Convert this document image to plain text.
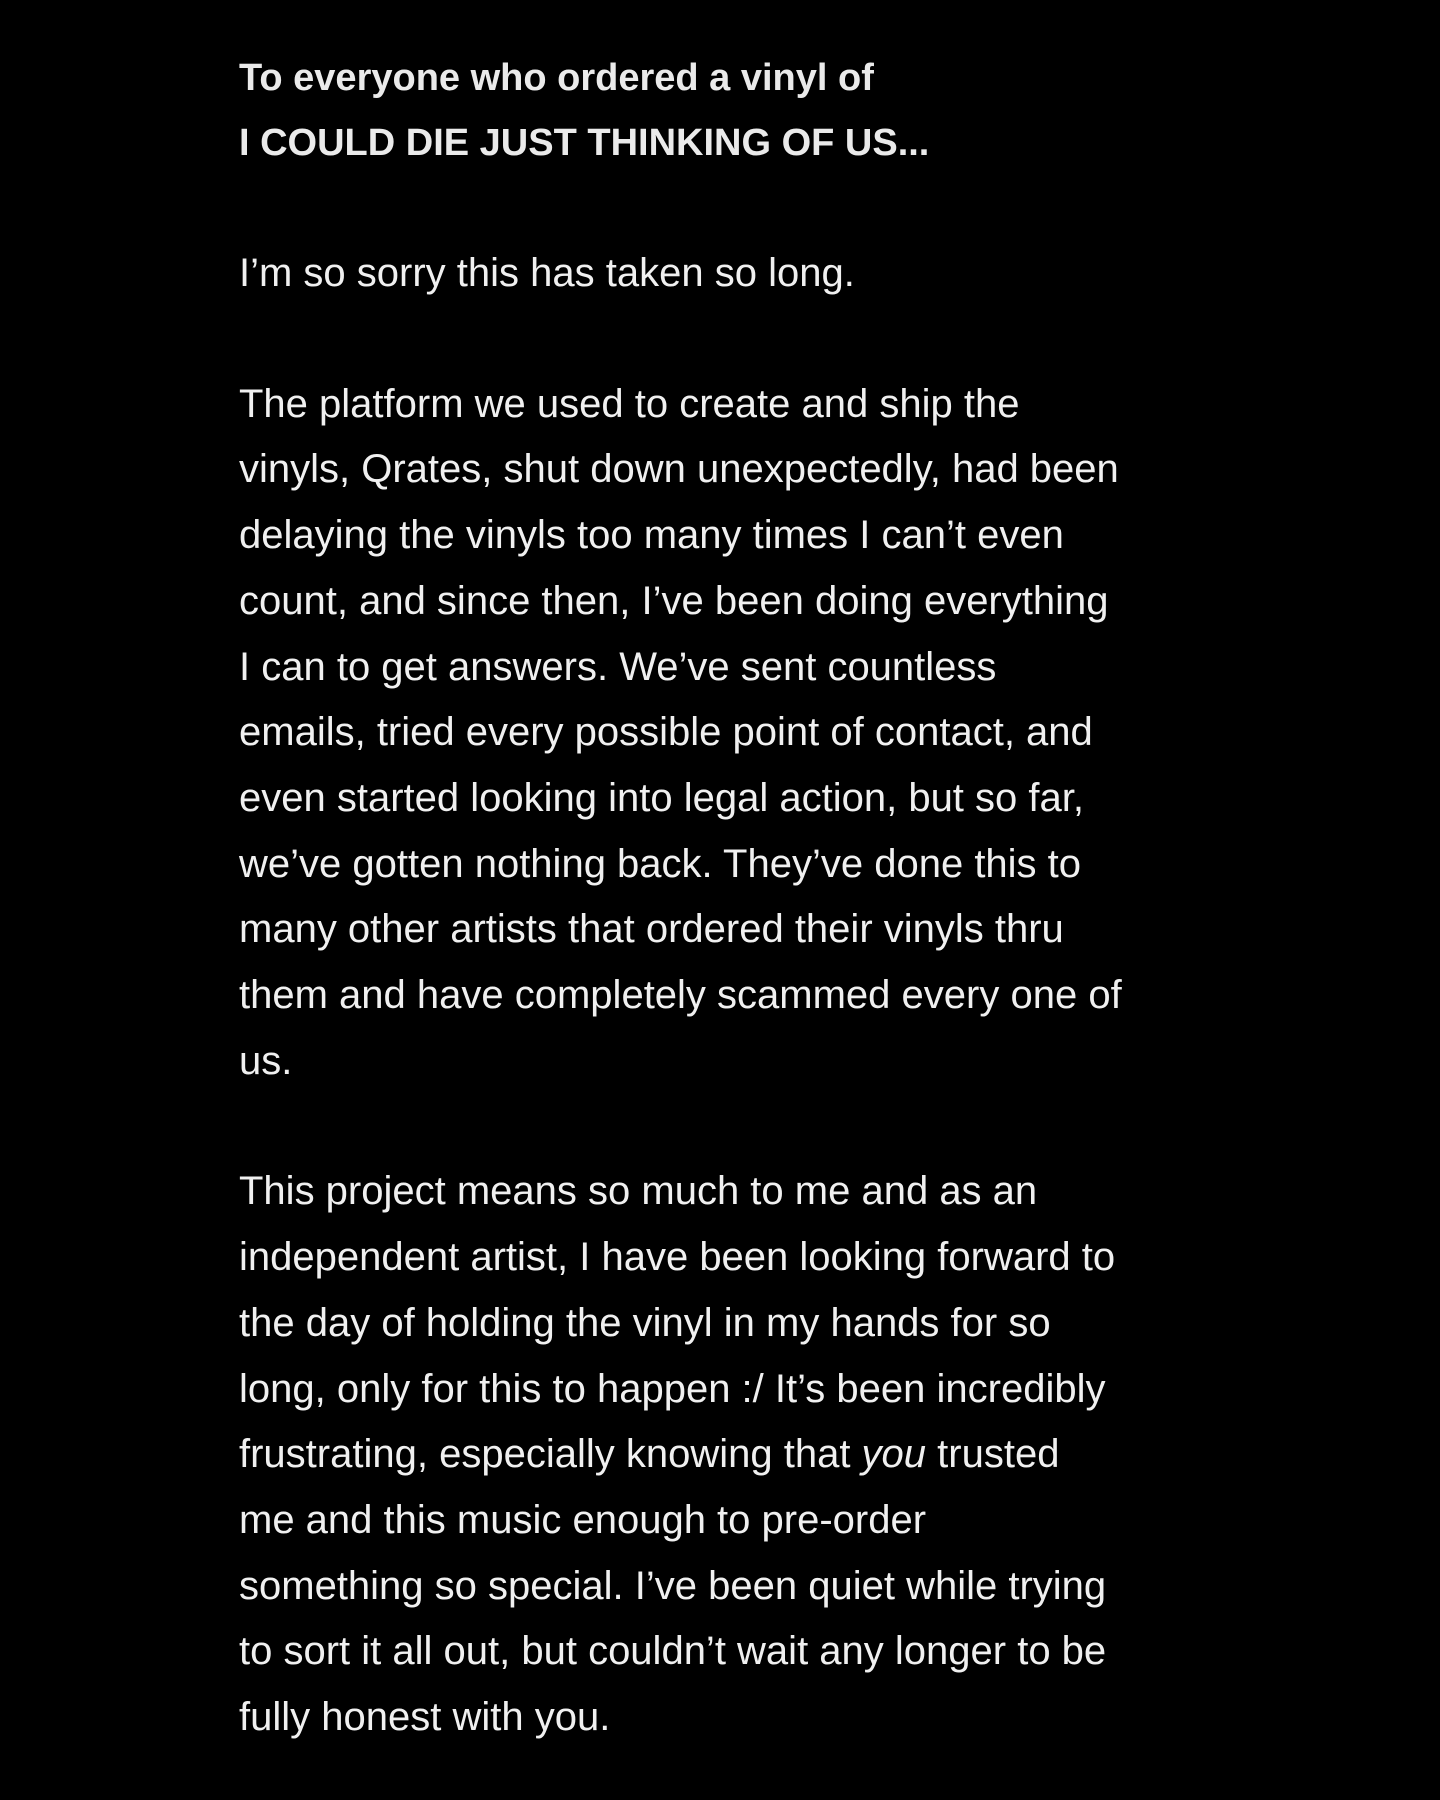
To everyone who ordered a vinyl of
I COULD DIE JUST THINKING OF US...

I’m so sorry this has taken so long.

The platform we used to create and ship the
vinyls, Qrates, shut down unexpectedly, had been
delaying the vinyls too many times I can’t even
count, and since then, I’ve been doing everything
I can to get answers. We’ve sent countless
emails, tried every possible point of contact, and
even started looking into legal action, but so far,
we’ve gotten nothing back. They’ve done this to
many other artists that ordered their vinyls thru
them and have completely scammed every one of
us.

This project means so much to me and as an
independent artist, I have been looking forward to
the day of holding the vinyl in my hands for so
long, only for this to happen :/ It’s been incredibly
frustrating, especially knowing that you trusted
me and this music enough to pre-order
something so special. I’ve been quiet while trying
to sort it all out, but couldn’t wait any longer to be
fully honest with you.
